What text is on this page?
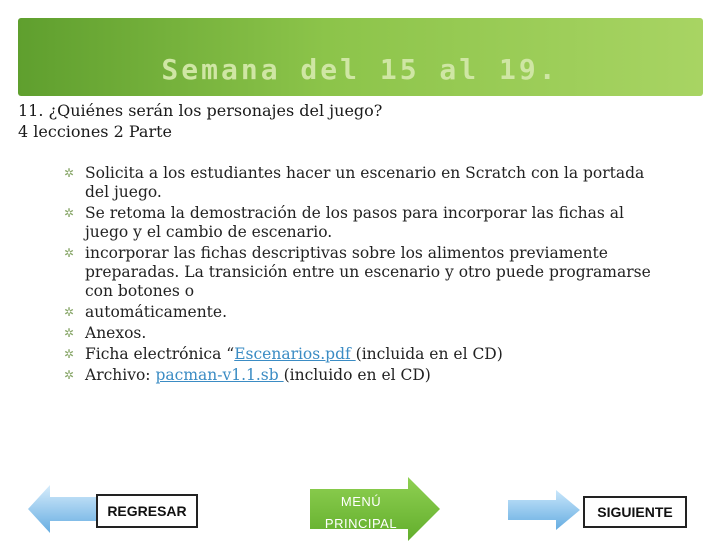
Semana del 15 al 19.
11. ¿Quiénes serán los personajes del juego?
4 lecciones 2 Parte
✲ Solicita a los estudiantes hacer un escenario en Scratch con la portada del juego.
✲ Se retoma la demostración de los pasos para incorporar las fichas al juego y el cambio de escenario.
✲ incorporar las fichas descriptivas sobre los alimentos previamente preparadas. La transición entre un escenario y otro puede programarse con botones o
✲ automáticamente.
✲ Anexos.
✲ Ficha electrónica “Escenarios.pdf (incluida en el CD)
✲ Archivo: pacman-v1.1.sb (incluido en el CD)
REGRESAR
MENÚ
PRINCIPAL
SIGUIENTE
